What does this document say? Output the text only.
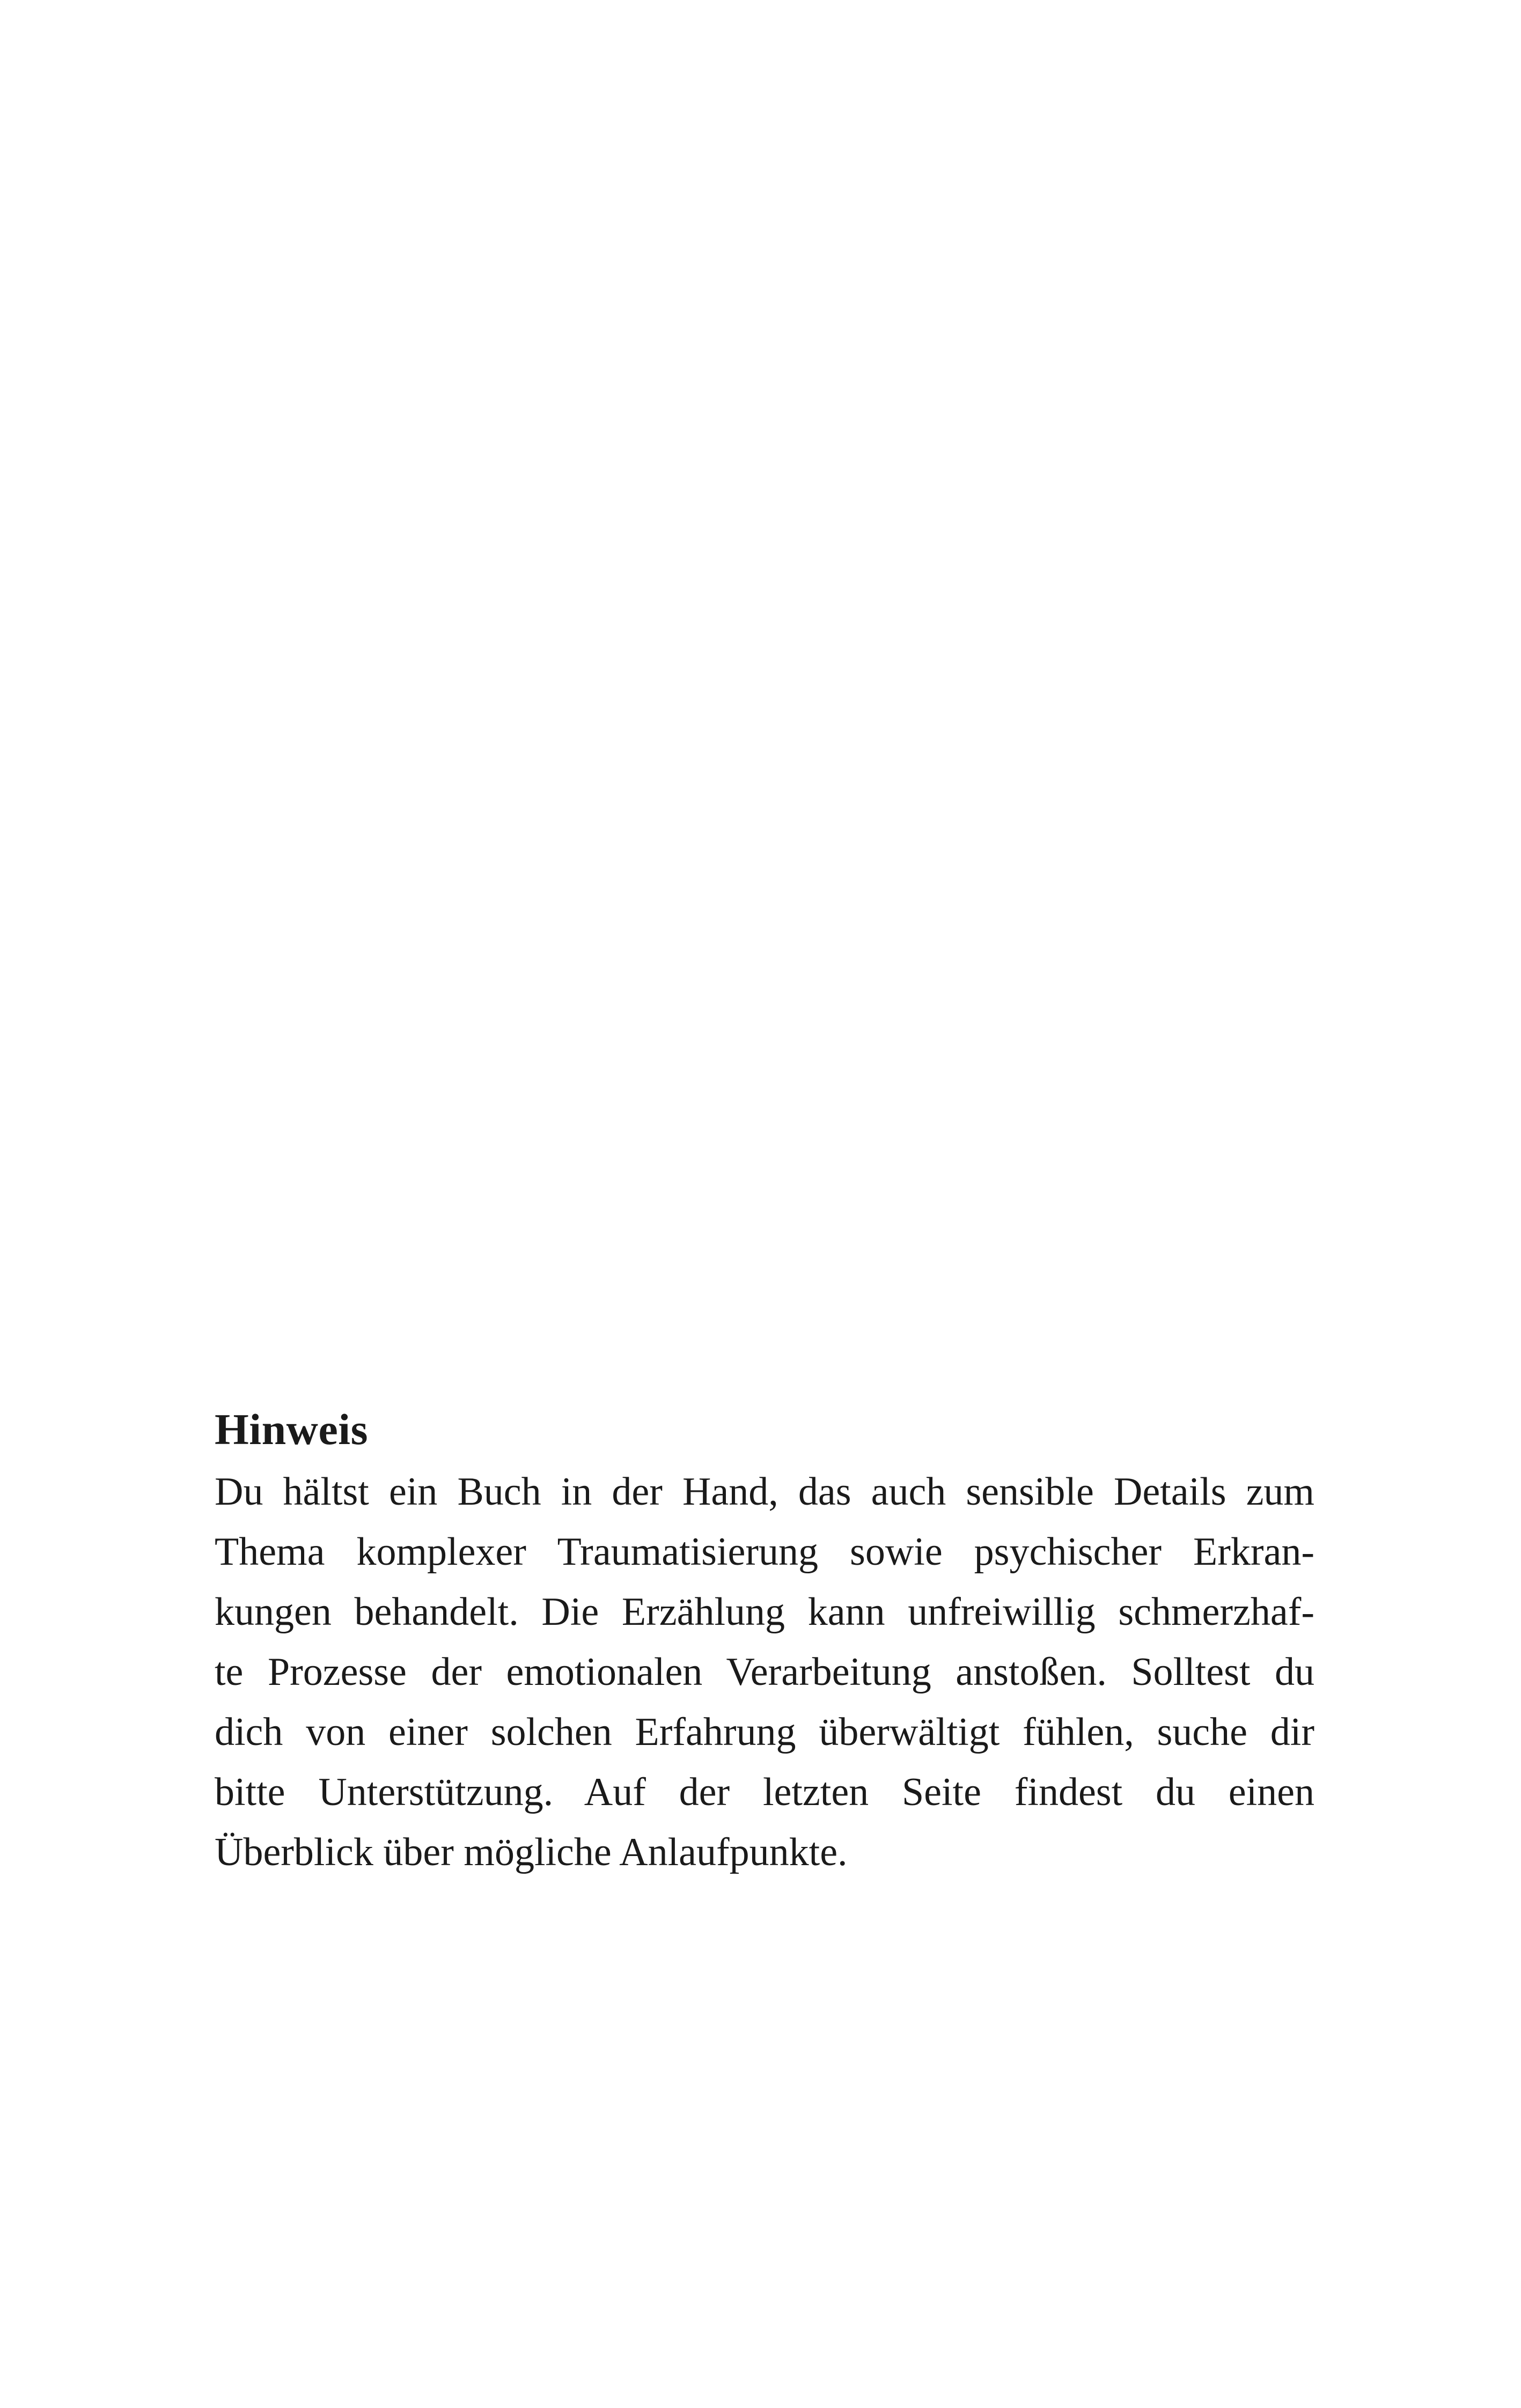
Hinweis

Du hältst ein Buch in der Hand, das auch sensible Details zum
Thema komplexer Traumatisierung sowie psychischer Erkran-
kungen behandelt. Die Erzählung kann unfreiwillig schmerzhaf-
te Prozesse der emotionalen Verarbeitung anstoßen. Solltest du
dich von einer solchen Erfahrung überwältigt fühlen, suche dir
bitte Unterstützung. Auf der letzten Seite findest du einen
Überblick über mögliche Anlaufpunkte.
